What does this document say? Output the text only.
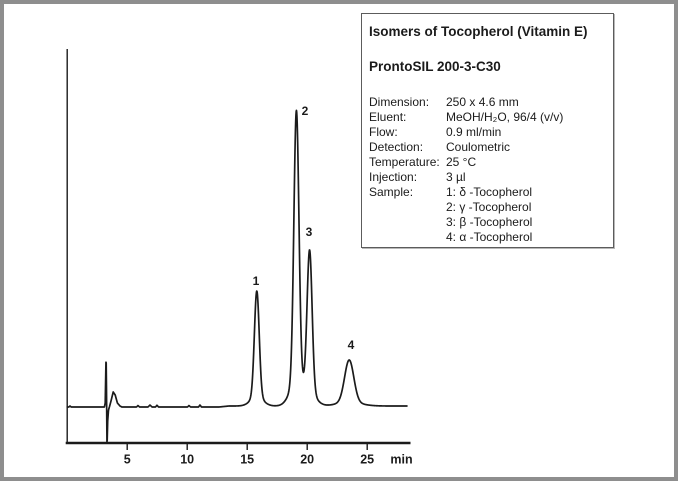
5	10	15	20	25 min
1
2
3
4
Isomers of Tocopherol (Vitamin E)
ProntoSIL 200-3-C30
Dimension:	250 x 4.6 mm
Eluent:	MeOH/H₂O, 96/4 (v/v)
Flow:	0.9 ml/min
Detection:	Coulometric
Temperature: 25 °C
Injection:	3 µl
Sample:	1: δ -Tocopherol
2: γ -Tocopherol
3: β -Tocopherol
4: α -Tocopherol
